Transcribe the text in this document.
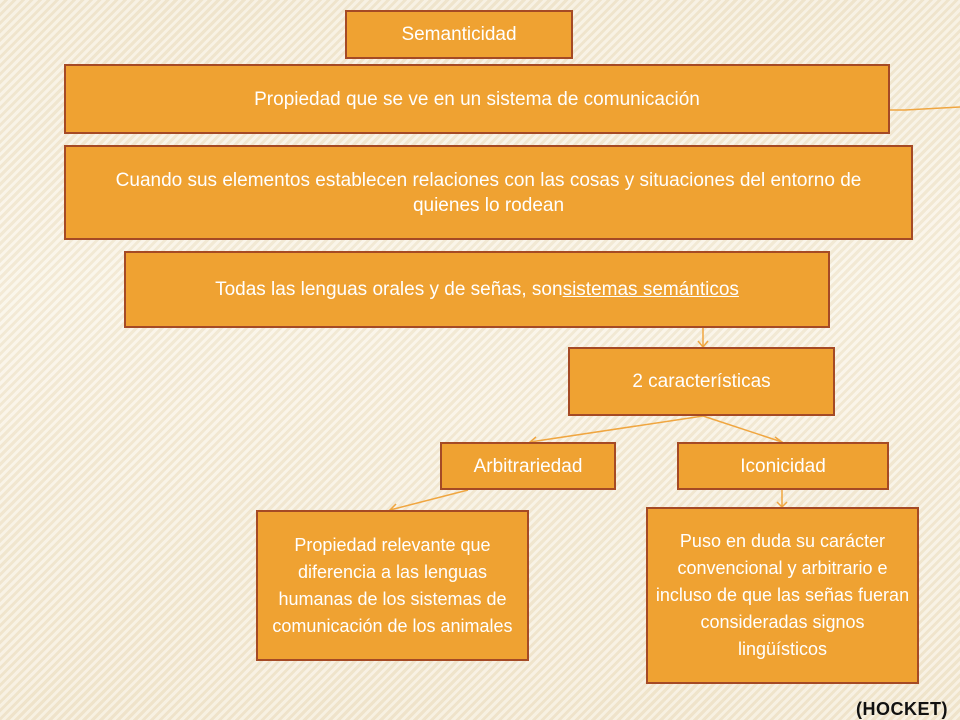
Semanticidad
Propiedad que se ve en un sistema de comunicación
Cuando sus elementos establecen relaciones con las cosas y situaciones del entorno de quienes lo rodean
Todas las lenguas orales y de señas, son sistemas semánticos
2 características
Arbitrariedad	Iconicidad
Propiedad relevante que diferencia a las lenguas humanas de los sistemas de comunicación de los animales
Puso en duda su carácter convencional y arbitrario e incluso de que las señas fueran consideradas signos lingüísticos
(HOCKET)
